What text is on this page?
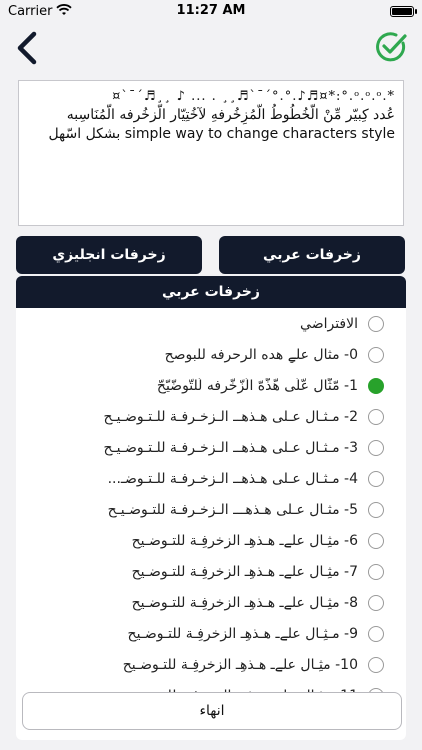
Carrier	11:27 AM
*.ᵒ.ᵒ.ᵒ.°:*¤♬♪.°.°´¯`♬¸¸ . ... ♪ ¸¸♬´¯`¤
عُدد كِبيّر مِّنْ الّخُطُوطُ الّمُزِخُرفهِ لآخُتِيّار الّزخُرفه الّمُنَاسِبه
simple way to change characters style بشكل اسّهل
زخرفات عربي
زخرفات انجليزي
زخرفات عربي
الافتراضي
0- مثال علےِ هده الرحرفه للبوصح
1- مّثّال عّلّى هّذّهّ الّزّخّرفه لّلتّوضّيّحّ
2- مـثـال عـلى هـذهــ الـزخـرفـة للـتـوضـيـح
3- مـثـال عـلى هـذهــ الـزخـرفـة للـتـوضـيـح
4- مـثـال عـلى هـذهــ الـزخـرفـة للـتـوضـ...
5- مثـال عـلى هـذهـــ الـزخـرفـة للتـوضـيـح
6- مثِـال علےـ هـذهِـ الزخرفِـة للتـوضـيح
7- مثِـال علےـ هـذهِـ الزخرفِـة للتـوضـيح
8- مثِـال علےـ هـذهِـ الزخرفِـة للتـوضـيح
9- مـثِـال علےـ هـذهِـ الزخرفِـة للتـوضـيح
10- مثِـال علےـ هـذهِـ الزخرفِـة للتـوضـيح
انهاء
